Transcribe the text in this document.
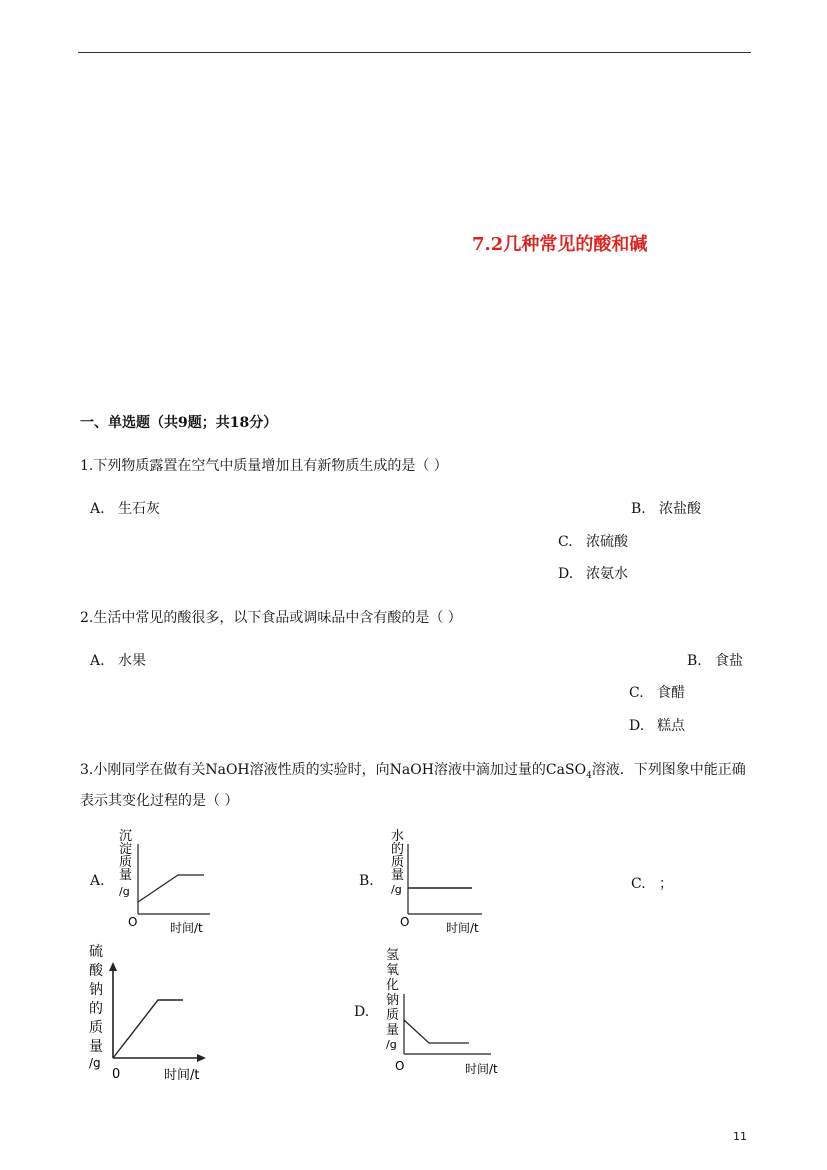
7.2几种常见的酸和碱
一、单选题（共9题；共18分）
1.下列物质露置在空气中质量增加且有新物质生成的是（ ）
A. 生石灰	B. 浓盐酸
C. 浓硫酸
D. 浓氨水
2.生活中常见的酸很多，以下食品或调味品中含有酸的是（ ）
A. 水果	B. 食盐
C. 食醋
D. 糕点
3.小刚同学在做有关NaOH溶液性质的实验时，向NaOH溶液中滴加过量的CaSO$_4$溶液．下列图象中能正确
表示其变化过程的是（ ）
A.
沉
淀
质
量
/g
O	时间/t
B.
水
的
质
量
/g
O	时间/t
C. ；
硫
酸
钠
的
质
量
/g
0	时间/t
D.
氢
氧
化
钠
质
量
/g
O	时间/t
11
